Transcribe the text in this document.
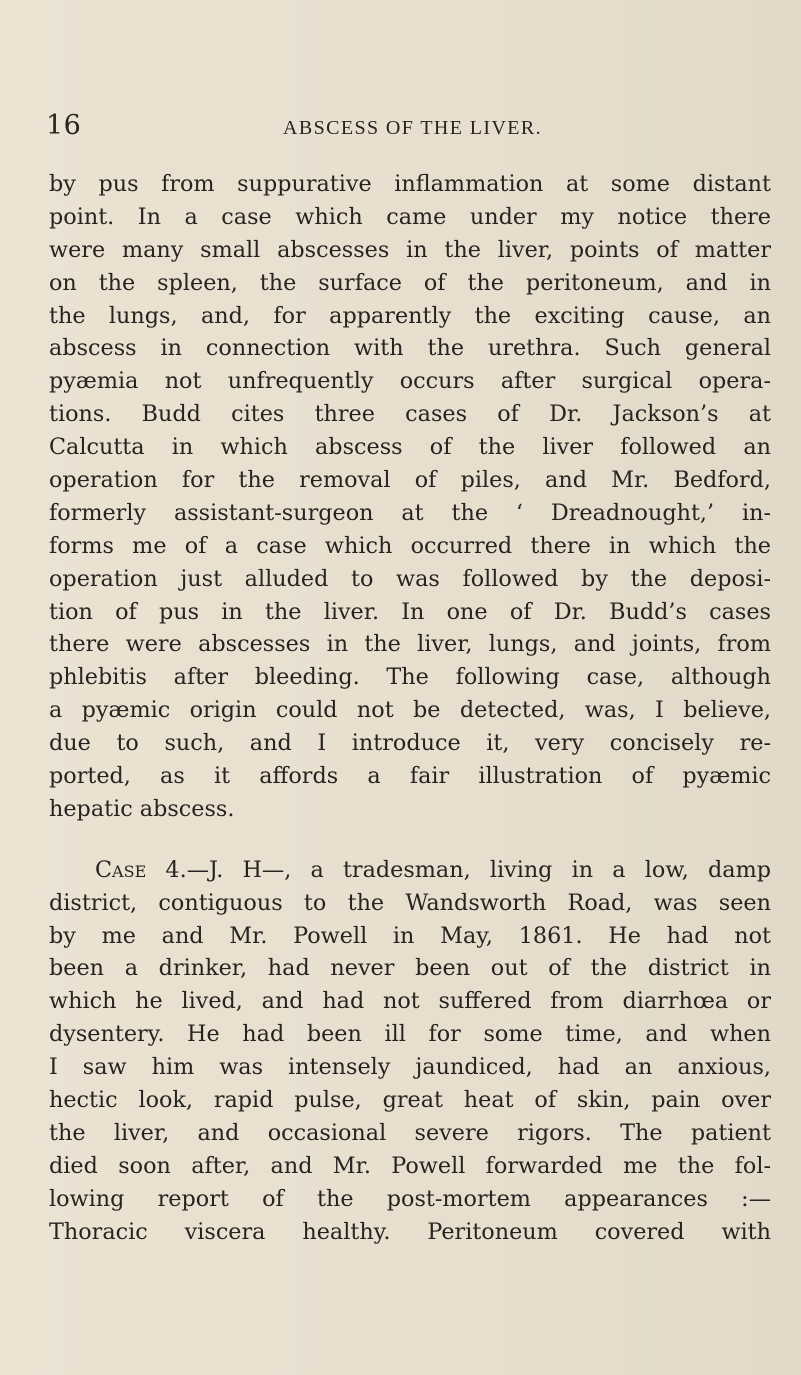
16	ABSCESS OF THE LIVER.
by pus from suppurative inflammation at some distant
point. In a case which came under my notice there
were many small abscesses in the liver, points of matter
on the spleen, the surface of the peritoneum, and in
the lungs, and, for apparently the exciting cause, an
abscess in connection with the urethra. Such general
pyæmia not unfrequently occurs after surgical opera-
tions. Budd cites three cases of Dr. Jackson’s at
Calcutta in which abscess of the liver followed an
operation for the removal of piles, and Mr. Bedford,
formerly assistant-surgeon at the ‘ Dreadnought,’ in-
forms me of a case which occurred there in which the
operation just alluded to was followed by the deposi-
tion of pus in the liver. In one of Dr. Budd’s cases
there were abscesses in the liver, lungs, and joints, from
phlebitis after bleeding. The following case, although
a pyæmic origin could not be detected, was, I believe,
due to such, and I introduce it, very concisely re-
ported, as it affords a fair illustration of pyæmic
hepatic abscess.
Case 4.—J. H—, a tradesman, living in a low, damp
district, contiguous to the Wandsworth Road, was seen
by me and Mr. Powell in May, 1861. He had not
been a drinker, had never been out of the district in
which he lived, and had not suffered from diarrhœa or
dysentery. He had been ill for some time, and when
I saw him was intensely jaundiced, had an anxious,
hectic look, rapid pulse, great heat of skin, pain over
the liver, and occasional severe rigors. The patient
died soon after, and Mr. Powell forwarded me the fol-
lowing report of the post-mortem appearances :—
Thoracic viscera healthy. Peritoneum covered with
